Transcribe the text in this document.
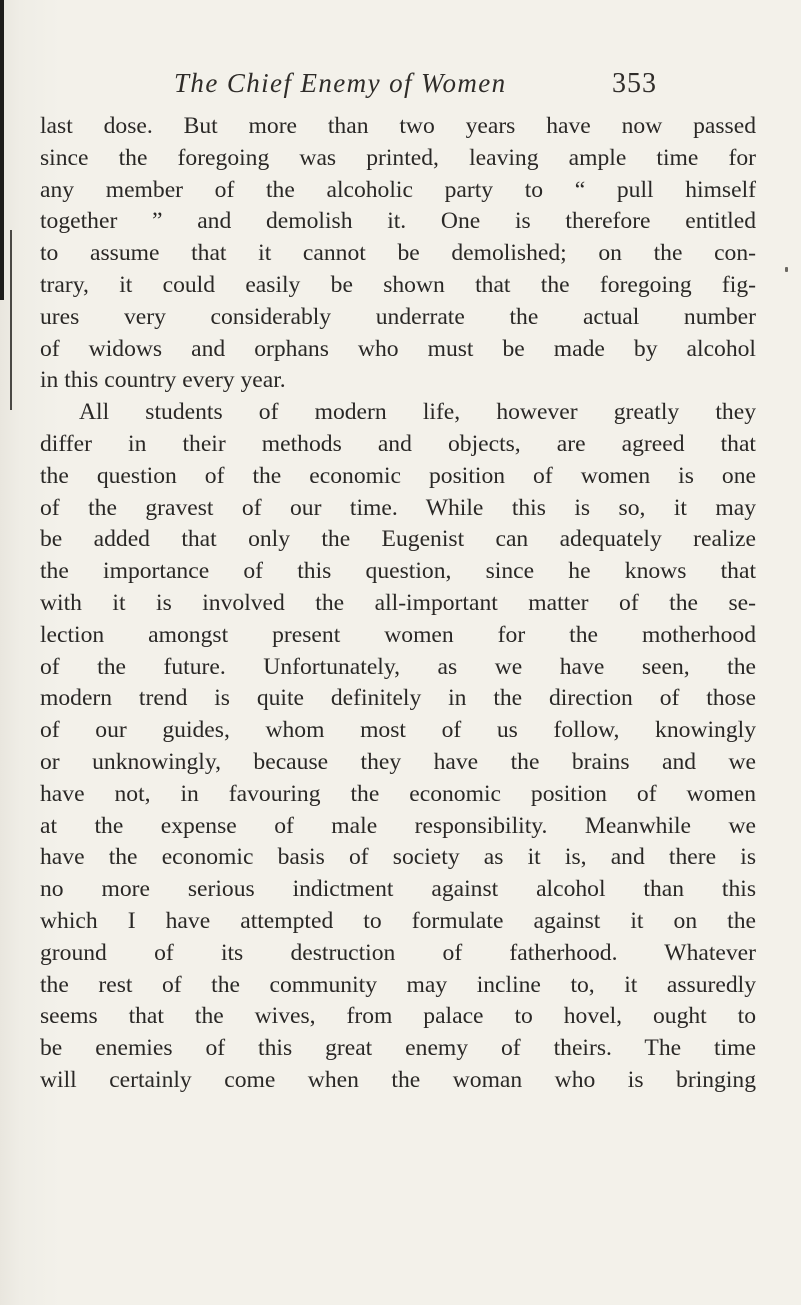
The Chief Enemy of Women	353
last dose. But more than two years have now passed
since the foregoing was printed, leaving ample time for
any member of the alcoholic party to “ pull himself
together ” and demolish it. One is therefore entitled
to assume that it cannot be demolished; on the con-
trary, it could easily be shown that the foregoing fig-
ures very considerably underrate the actual number
of widows and orphans who must be made by alcohol
in this country every year.
All students of modern life, however greatly they
differ in their methods and objects, are agreed that
the question of the economic position of women is one
of the gravest of our time. While this is so, it may
be added that only the Eugenist can adequately realize
the importance of this question, since he knows that
with it is involved the all-important matter of the se-
lection amongst present women for the motherhood
of the future. Unfortunately, as we have seen, the
modern trend is quite definitely in the direction of those
of our guides, whom most of us follow, knowingly
or unknowingly, because they have the brains and we
have not, in favouring the economic position of women
at the expense of male responsibility. Meanwhile we
have the economic basis of society as it is, and there is
no more serious indictment against alcohol than this
which I have attempted to formulate against it on the
ground of its destruction of fatherhood. Whatever
the rest of the community may incline to, it assuredly
seems that the wives, from palace to hovel, ought to
be enemies of this great enemy of theirs. The time
will certainly come when the woman who is bringing
